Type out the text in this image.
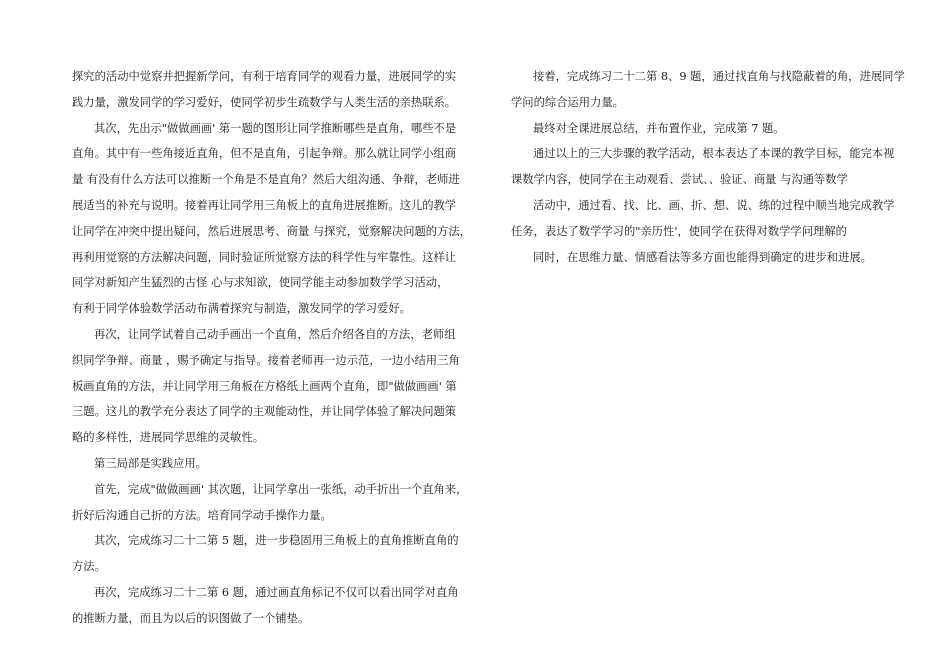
探究的活动中觉察并把握新学问，有利于培育同学的观看力量，进展同学的实
践力量，激发同学的学习爱好，使同学初步生疏数学与人类生活的亲热联系。
其次，先出示"做做画画' 第一题的图形让同学推断哪些是直角，哪些不是
直角。其中有一些角接近直角，但不是直角，引起争辩。那么就让同学小组商
量 有没有什么方法可以推断一个角是不是直角？然后大组沟通、争辩，老师进
展适当的补充与说明。接着再让同学用三角板上的直角进展推断。这儿的教学
让同学在冲突中提出疑问，然后进展思考、商量 与探究，觉察解决问题的方法，
再利用觉察的方法解决问题，同时验证所觉察方法的科学性与牢靠性。这样让
同学对新知产生猛烈的古怪 心与求知欲，使同学能主动参加数学学习活动，
有利于同学体验数学活动布满着探究与制造，激发同学的学习爱好。
再次，让同学试着自己动手画出一个直角，然后介绍各自的方法，老师组
织同学争辩、商量 ，赐予确定与指导。接着老师再一边示范，一边小结用三角
板画直角的方法，并让同学用三角板在方格纸上画两个直角，即"做做画画' 第
三题。这儿的教学充分表达了同学的主观能动性，并让同学体验了解决问题策
略的多样性，进展同学思维的灵敏性。
第三局部是实践应用。
首先，完成"做做画画' 其次题，让同学拿出一张纸，动手折出一个直角来，
折好后沟通自己折的方法。培育同学动手操作力量。
其次，完成练习二十二第 5 题，进一步稳固用三角板上的直角推断直角的
方法。
再次，完成练习二十二第 6 题，通过画直角标记不仅可以看出同学对直角
的推断力量，而且为以后的识图做了一个铺垫。
接着，完成练习二十二第 8、9 题，通过找直角与找隐蔽着的角，进展同学
学问的综合运用力量。
最终对全课进展总结，并布置作业，完成第 7 题。
通过以上的三大步骤的教学活动，根本表达了本课的教学目标，能完本视
课数学内容，使同学在主动观看、尝试、、验证、商量 与沟通等数学
活动中，通过看、找、比、画、折、想、说、练的过程中顺当地完成教学
任务，表达了数学学习的"亲历性'，使同学在获得对数学学问理解的
同时，在思维力量、情感看法等多方面也能得到确定的进步和进展。
